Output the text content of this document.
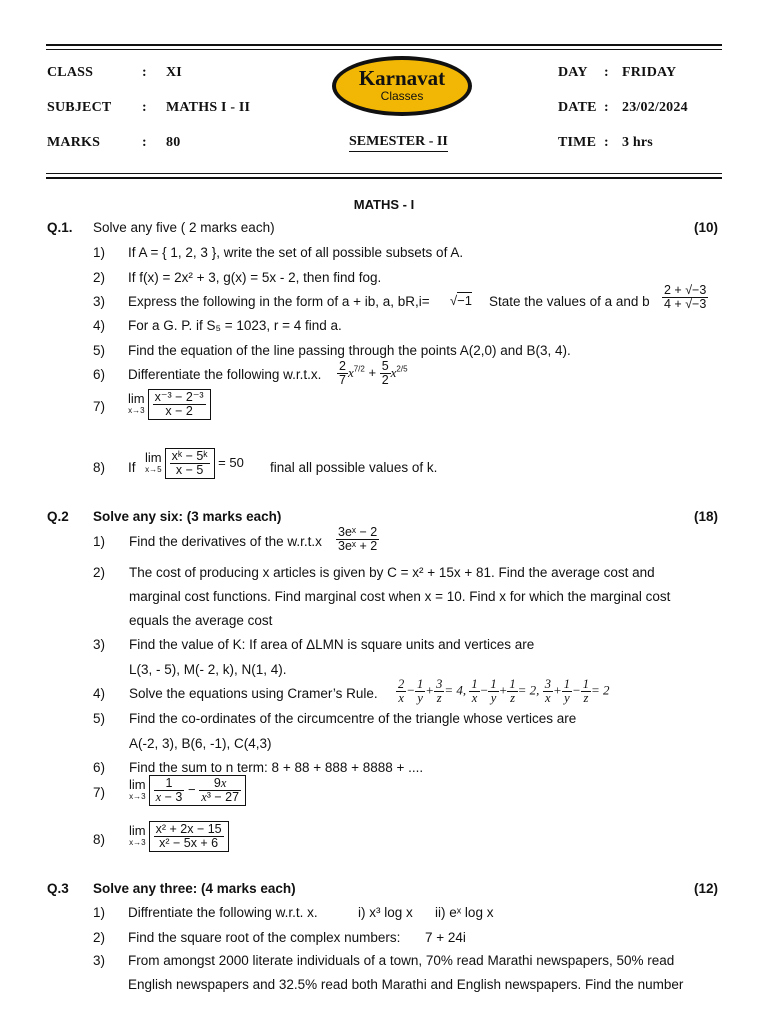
CLASS	: XI
SUBJECT : MATHS I - II
MARKS	: 80
Karnavat
Classes
SEMESTER - II
DAY : FRIDAY
DATE : 23/02/2024
TIME : 3 hrs
MATHS - I
Q.1. Solve any five ( 2 marks each)	(10)
1) If A = { 1, 2, 3 }, write the set of all possible subsets of A.
2) If f(x) = 2x² + 3, g(x) = 5x - 2, then find fog.
3) Express the following in the form of a + ib, a, bR,i= √−1 State the values of a and b $\frac{2 + √-3}{4 + √-3}$
4) For a G. P. if S₅ = 1023, r = 4 find a.
5) Find the equation of the line passing through the points A(2,0) and B(3, 4).
6) Differentiate the following w.r.t.x. $\frac{2}{7} x^{7/2} + \frac{5}{2} x^{2/5}$
7)
lim
$x\to 3 \frac{\text{x⁻³ − 2⁻³}}{x - 2}$
8) If
lim
$x\to 5 \frac{\text{xᵏ − 5ᵏ}}{x - 5} = 50$ final all possible values of k.
Q.2 Solve any six: (3 marks each)	(18)
1) Find the derivatives of the $w.r.t.x \frac{\text{3eˣ − 2}}{\text{3eˣ + 2}}$
2) The cost of producing x articles is given by C = x² + 15x + 81. Find the average cost and
marginal cost functions. Find marginal cost when x = 10. Find x for which the marginal cost
equals the average cost
3) Find the value of K: If area of ΔLMN is square units and vertices are
L(3, - 5), M(- 2, k), N(1, 4).
4) Solve the equations using Cramer’s Rule. $\frac{2}{x} - \frac{1}{y} + \frac{3}{z} = 4$, $\frac{1}{x} - \frac{1}{y} + \frac{1}{z} = 2$, $\frac{3}{x} + \frac{1}{y} - \frac{1}{z} = 2$
5) Find the co-ordinates of the circumcentre of the triangle whose vertices are
A(-2, 3), B(6, -1), C(4,3)
6) Find the sum to n term: 8 + 88 + 888 + 8888 + ....
7)
lim
$x\to 3 \frac{1}{x - 3} - \frac{9x}{\text{x³ − 27}}$
8)
lim
$x\to 3 \frac{\text{x² + 2x − 15}}{\text{x² − 5x + 6}}$
Q.3 Solve any three: (4 marks each)	(12)
1) Diffrentiate the following w.r.t. x.	i) x³ log x ii) eˣ log x
2) Find the square root of the complex numbers: 7 + 24i
3) From amongst 2000 literate individuals of a town, 70% read Marathi newspapers, 50% read
English newspapers and 32.5% read both Marathi and English newspapers. Find the number
